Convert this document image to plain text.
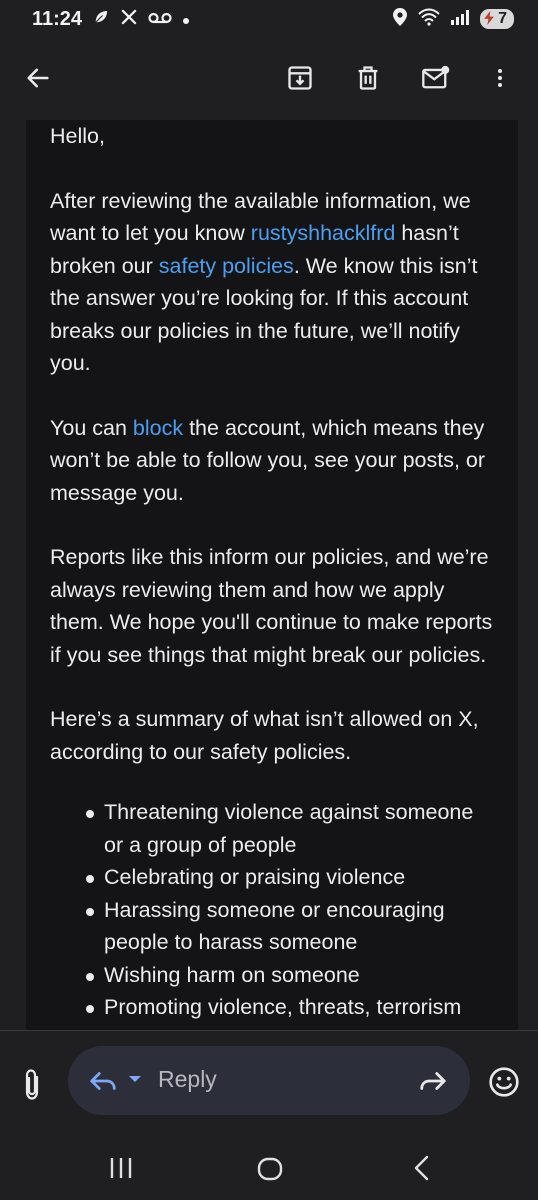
11:24	7

Hello,

After reviewing the available information, we want to let you know rustyshhacklfrd hasn’t broken our safety policies. We know this isn’t the answer you’re looking for. If this account breaks our policies in the future, we’ll notify you.

You can block the account, which means they won’t be able to follow you, see your posts, or message you.

Reports like this inform our policies, and we’re always reviewing them and how we apply them. We hope you'll continue to make reports if you see things that might break our policies.

Here’s a summary of what isn’t allowed on X, according to our safety policies.

Threatening violence against someone or a group of people
Celebrating or praising violence
Harassing someone or encouraging people to harass someone
Wishing harm on someone
Promoting violence, threats, terrorism
Reply
